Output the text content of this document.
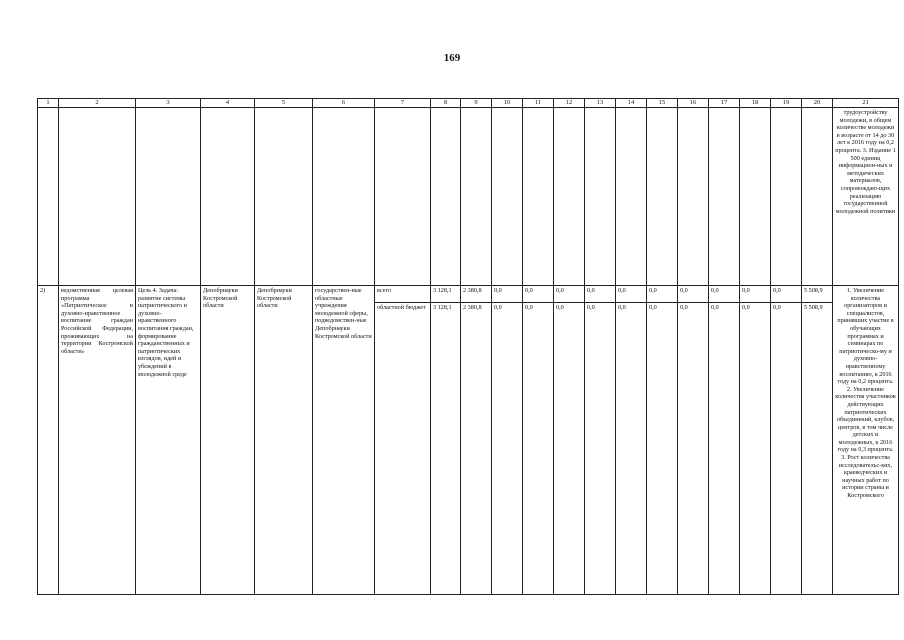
169
1	2	3	4	5	6	7	8	9	10	11	12	13	14	15	16	17	18	19	20	21
																				трудоустройству молодежи, в общем количестве молодежи в возрасте от 14 до 30 лет к 2016 году на 0,2 процента. 3. Издание 1 500 единиц информацион-ных и методических материалов, сопровождаю-щих реализацию государственной молодежной политики
2)	ведомственная целевая программа «Патриотическое и духовно-нравственное воспитание граждан Российской Федерации, проживающих на территории Костромской области»	Цель 4. Задача: развитие системы патриотического и духовно-нравственного воспитания граждан, формирование гражданственных и патриотических взглядов, идей и убеждений в молодежной среде	Депобрнауки Костромской области	Депобрнауки Костромской области	государствен-ные областные учреждения молодежной сферы, подведомствен-ные Депобрнауки Костромской области	всего	3 128,1	2 380,8	0,0	0,0	0,0	0,0	0,0	0,0	0,0	0,0	0,0	0,0	5 508,9	1. Увеличение количества организаторов и специалистов, принявших участие в обучающих программах и семинарах по патриотическо-му и духовно-нравственному воспитанию, к 2016 году на 0,2 процента. 2. Увеличение количества участников действующих патриотических объединений, клубов, центров, в том числе детских и молодежных, к 2016 году на 0,3 процента. 3. Рост количества исследовательс-ких, краеведческих и научных работ по истории страны и Костромского
						областной бюджет	3 128,1	2 380,8	0,0	0,0	0,0	0,0	0,0	0,0	0,0	0,0	0,0	0,0	5 508,9	
